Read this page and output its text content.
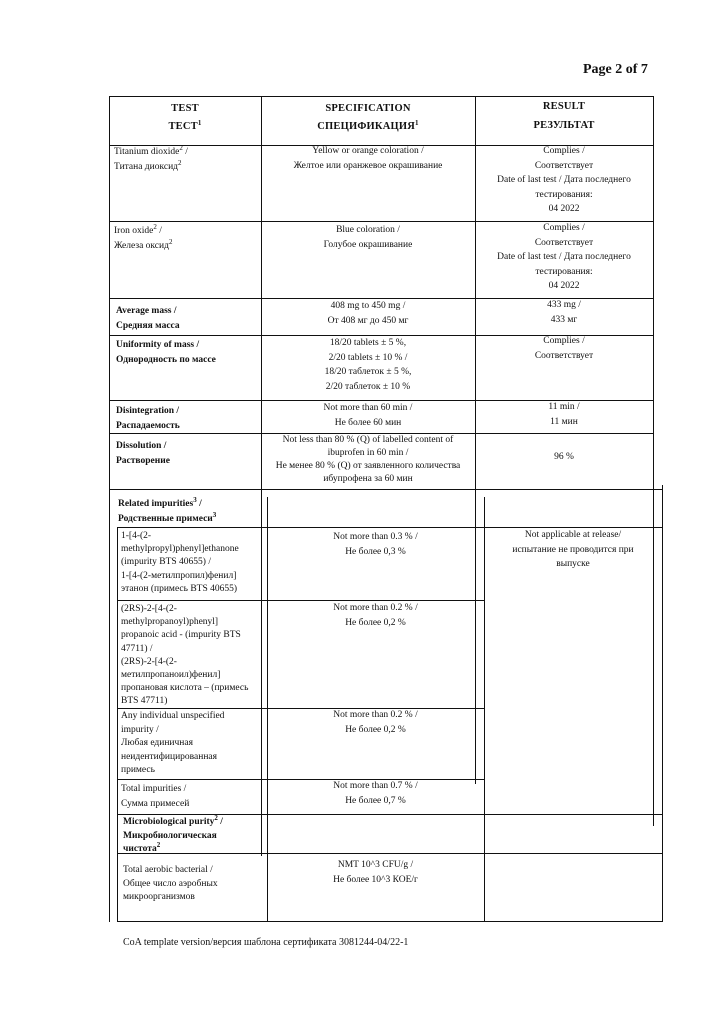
Page 2 of 7
TEST
ТЕСТ$^1$
SPECIFICATION
СПЕЦИФИКАЦИЯ$^1$
RESULT
РЕЗУЛЬТАТ
Titanium dioxide$^2$ /
Титана диоксид$^2$
Yellow or orange coloration /
Желтое или оранжевое окрашивание
Complies /
Соответствует
Date of last test / Дата последнего
тестирования:
04 2022
Iron oxide$^2$ /
Железа оксид$^2$
Blue coloration /
Голубое окрашивание
Complies /
Соответствует
Date of last test / Дата последнего
тестирования:
04 2022
Average mass /
Средняя масса
408 mg to 450 mg /
От 408 мг до 450 мг
433 mg /
433 мг
Uniformity of mass /
Однородность по массе
18/20 tablets ± 5 %,
2/20 tablets ± 10 % /
18/20 таблеток ± 5 %,
2/20 таблеток ± 10 %
Complies /
Соответствует
Disintegration /
Распадаемость
Not more than 60 min /
Не более 60 мин
11 min /
11 мин
Dissolution /
Растворение
Not less than 80 % (Q) of labelled content of
ibuprofen in 60 min /
Не менее 80 % (Q) от заявленного количества
ибупрофена за 60 мин
96 %
Related impurities$^3$ /
Родственные примеси$^3$
1-[4-(2-
methylpropyl)phenyl]ethanone
(impurity BTS 40655) /
1-[4-(2-метилпропил)фенил]
этанон (примесь BTS 40655)
Not more than 0.3 % /
Не более 0,3 %
Not applicable at release/
испытание не проводится при
выпуске
(2RS)-2-[4-(2-
methylpropanoyl)phenyl]
propanoic acid - (impurity BTS
47711) /
(2RS)-2-[4-(2-
метилпропаноил)фенил]
пропановая кислота – (примесь
BTS 47711)
Not more than 0.2 % /
Не более 0,2 %
Any individual unspecified
impurity /
Любая единичная
неидентифицированная
примесь
Not more than 0.2 % /
Не более 0,2 %
Total impurities /
Сумма примесей
Not more than 0.7 % /
Не более 0,7 %
Microbiological purity$^2$ /
Микробиологическая
чистота$^2$
Total aerobic bacterial /
Общее число аэробных
микроорганизмов
NMT 10^3 CFU/g /
Не более 10^3 КОЕ/г
CoA template version/версия шаблона сертификата 3081244-04/22-1
